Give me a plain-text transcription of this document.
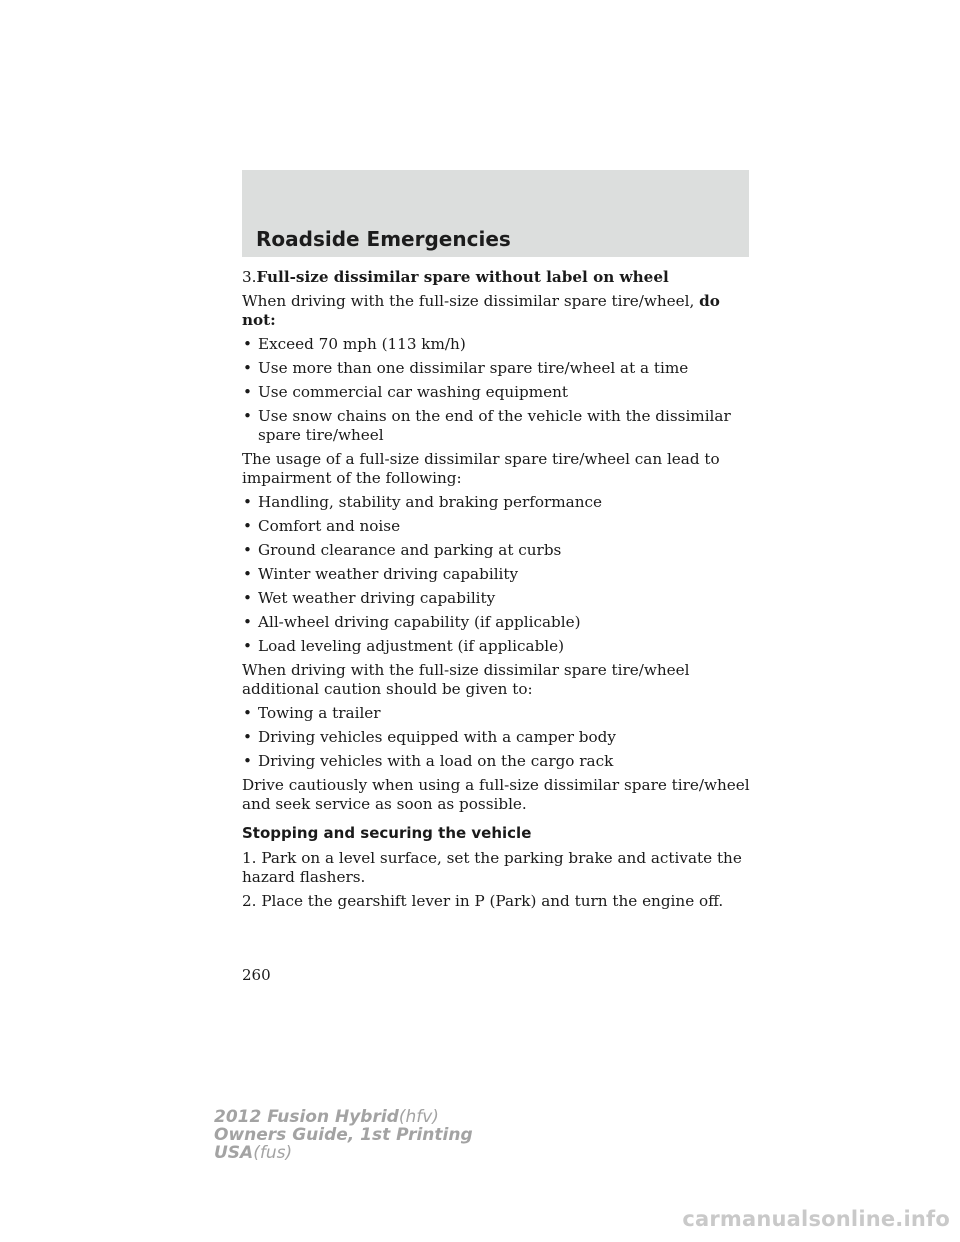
Roadside Emergencies
3.Full-size dissimilar spare without label on wheel
When driving with the full-size dissimilar spare tire/wheel, do not:
• Exceed 70 mph (113 km/h)
• Use more than one dissimilar spare tire/wheel at a time
• Use commercial car washing equipment
• Use snow chains on the end of the vehicle with the dissimilar spare tire/wheel
The usage of a full-size dissimilar spare tire/wheel can lead to impairment of the following:
• Handling, stability and braking performance
• Comfort and noise
• Ground clearance and parking at curbs
• Winter weather driving capability
• Wet weather driving capability
• All-wheel driving capability (if applicable)
• Load leveling adjustment (if applicable)
When driving with the full-size dissimilar spare tire/wheel additional caution should be given to:
• Towing a trailer
• Driving vehicles equipped with a camper body
• Driving vehicles with a load on the cargo rack
Drive cautiously when using a full-size dissimilar spare tire/wheel and seek service as soon as possible.
Stopping and securing the vehicle
1. Park on a level surface, set the parking brake and activate the hazard flashers.
2. Place the gearshift lever in P (Park) and turn the engine off.
260
2012 Fusion Hybrid(hfv)
Owners Guide, 1st Printing
USA(fus)
carmanualsonline.info
